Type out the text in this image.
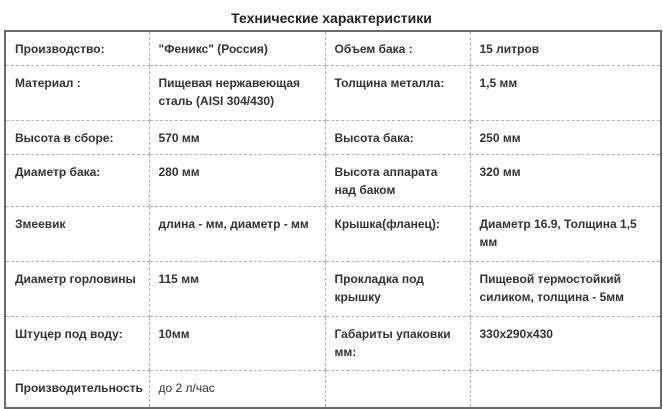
Технические характеристики
Производство:	"Феникс" (Россия)	Объем бака :	15 литров
Материал :	Пищевая нержавеющая сталь (AISI 304/430)	Толщина металла:	1,5 мм
Высота в сборе:	570 мм	Высота бака:	250 мм
Диаметр бака:	280 мм	Высота аппарата над баком	320 мм
Змеевик	длина - мм, диаметр - мм	Крышка(фланец):	Диаметр 16.9, Толщина 1,5 мм
Диаметр горловины	115 мм	Прокладка под крышку	Пищевой термостойкий силиком, толщина - 5мм
Штуцер под воду:	10мм	Габариты упаковки мм:	330х290х430
Производительность	до 2 л/час		
